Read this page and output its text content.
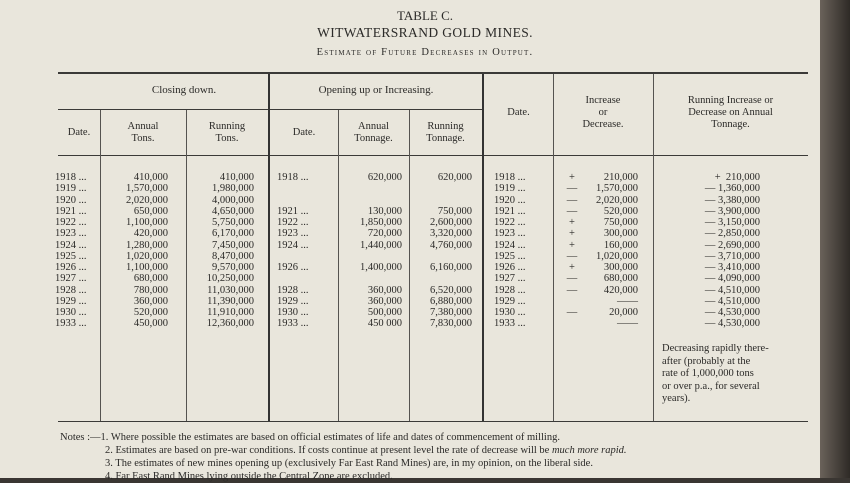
TABLE C.
WITWATERSRAND GOLD MINES.
Estimate of Future Decreases in Output.
Closing down.	Opening up or Increasing.
Date.
Annual
Tons.
Running
Tons.
Date.
Annual
Tonnage.
Running
Tonnage.
Date.
Increase
or
Decrease.
Running Increase or
Decrease on Annual
Tonnage.
1918 ...
1919 ...
1920 ...
1921 ...
1922 ...
1923 ...
1924 ...
1925 ...
1926 ...
1927 ...
1928 ...
1929 ...
1930 ...
1933 ...
410,000
1,570,000
2,020,000
650,000
1,100,000
420,000
1,280,000
1,020,000
1,100,000
680,000
780,000
360,000
520,000
450,000
410,000
1,980,000
4,000,000
4,650,000
5,750,000
6,170,000
7,450,000
8,470,000
9,570,000
10,250,000
11,030,000
11,390,000
11,910,000
12,360,000
1918 ...
1921 ...
1922 ...
1923 ...
1924 ...
1926 ...
1928 ...
1929 ...
1930 ...
1933 ...
620,000
130,000
1,850,000
720,000
1,440,000
1,400,000
360,000
360,000
500,000
450 000
620,000
750,000
2,600,000
3,320,000
4,760,000
6,160,000
6,520,000
6,880,000
7,380,000
7,830,000
1918 ...
1919 ...
1920 ...
1921 ...
1922 ...
1923 ...
1924 ...
1925 ...
1926 ...
1927 ...
1928 ...
1929 ...
1930 ...
1933 ...
+
—
—
—
+
+
+
—
+
—
—
—
210,000
1,570,000
2,020,000
520,000
750,000
300,000
160,000
1,020,000
300,000
680,000
420,000
——
20,000
——
+  210,000
— 1,360,000
— 3,380,000
— 3,900,000
— 3,150,000
— 2,850,000
— 2,690,000
— 3,710,000
— 3,410,000
— 4,090,000
— 4,510,000
— 4,510,000
— 4,530,000
— 4,530,000
Decreasing rapidly there-
after (probably at the
rate of 1,000,000 tons
or over p.a., for several
years).
Notes :—1. Where possible the estimates are based on official estimates of life and dates of commencement of milling.
2. Estimates are based on pre-war conditions. If costs continue at present level the rate of decrease will be much more rapid.
3. The estimates of new mines opening up (exclusively Far East Rand Mines) are, in my opinion, on the liberal side.
4. Far East Rand Mines lying outside the Central Zone are excluded.
